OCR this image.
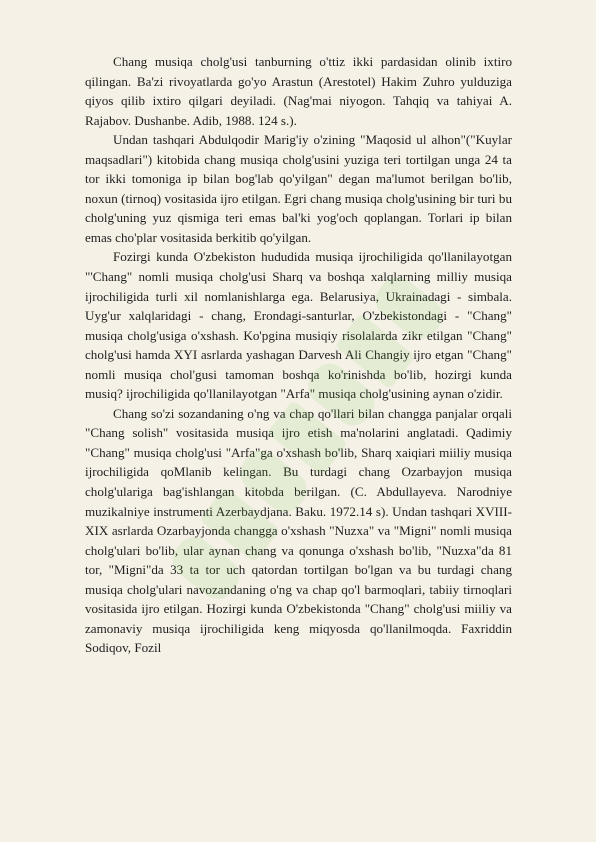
Chang musiqa cholg'usi tanburning o'ttiz ikki pardasidan olinib ixtiro qilingan. Ba'zi rivoyatlarda go'yo Arastun (Arestotel) Hakim Zuhro yulduziga qiyos qilib ixtiro qilgari deyiladi. (Nag'mai niyogon. Tahqiq va tahiyai A. Rajabov. Dushanbe. Adib, 1988. 124 s.).

Undan tashqari Abdulqodir Marig'iy o'zining "Maqosid ul alhon"("Kuylar maqsadlari") kitobida chang musiqa cholg'usini yuziga teri tortilgan unga 24 ta tor ikki tomoniga ip bilan bog'lab qo'yilgan" degan ma'lumot berilgan bo'lib, noxun (tirnoq) vositasida ijro etilgan. Egri chang musiqa cholg'usining bir turi bu cholg'uning yuz qismiga teri emas bal'ki yog'och qoplangan. Torlari ip bilan emas cho'plar vositasida berkitib qo'yilgan.

Fozirgi kunda O'zbekiston hududida musiqa ijrochiligida qo'llanilayotgan "'Chang" nomli musiqa cholg'usi Sharq va boshqa xalqlarning milliy musiqa ijrochiligida turli xil nomlanishlarga ega. Belarusiya, Ukrainadagi - simbala. Uyg'ur xalqlaridagi - chang, Erondagi-santurlar, O'zbekistondagi - "Chang" musiqa cholg'usiga o'xshash. Ko'pgina musiqiy risolalarda zikr etilgan "Chang" cholg'usi hamda XYI asrlarda yashagan Darvesh Ali Changiy ijro etgan "Chang" nomli musiqa chol'gusi tamoman boshqa ko'rinishda bo'lib, hozirgi kunda musiq? ijrochiligida qo'llanilayotgan "Arfa" musiqa cholg'usining aynan o'zidir.

Chang so'zi sozandaning o'ng va chap qo'llari bilan changga panjalar orqali "Chang solish" vositasida musiqa ijro etish ma'nolarini anglatadi. Qadimiy "Chang" musiqa cholg'usi "Arfa"ga o'xshash bo'lib, Sharq xaiqiari miiliy musiqa ijrochiligida qoMlanib kelingan. Bu turdagi chang Ozarbayjon musiqa cholg'ulariga bag'ishlangan kitobda berilgan. (C. Abdullayeva. Narodniye muzikalniye instrumenti Azerbaydjana. Baku. 1972.14 s). Undan tashqari XVIII-XIX asrlarda Ozarbayjonda changga o'xshash "Nuzxa" va "Migni" nomli musiqa cholg'ulari bo'lib, ular aynan chang va qonunga o'xshash bo'lib, "Nuzxa"da 81 tor, "Migni"da 33 ta tor uch qatordan tortilgan bo'lgan va bu turdagi chang musiqa cholg'ulari navozandaning o'ng va chap qo'l barmoqlari, tabiiy tirnoqlari vositasida ijro etilgan. Hozirgi kunda O'zbekistonda "Chang" cholg'usi miiliy va zamonaviy musiqa ijrochiligida keng miqyosda qo'llanilmoqda. Faxriddin Sodiqov, Fozil
